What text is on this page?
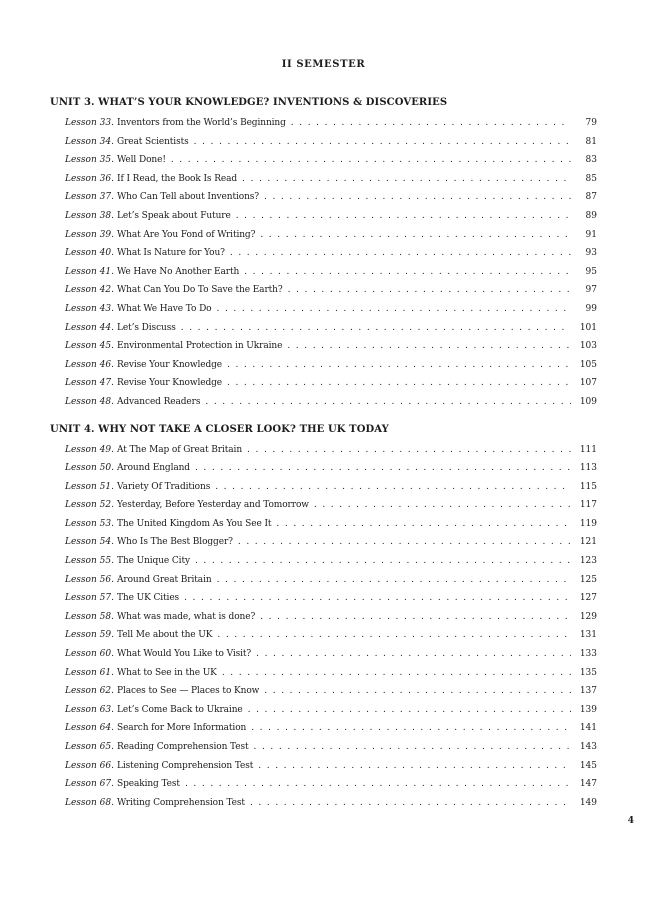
II SEMESTER
UNIT 3. WHAT’S YOUR KNOWLEDGE? INVENTIONS & DISCOVERIES
Lesson 33. Inventors from the World’s Beginning .....	79
Lesson 34. Great Scientists .....	81
Lesson 35. Well Done! .....	83
Lesson 36. If I Read, the Book Is Read .....	85
Lesson 37. Who Can Tell about Inventions? .....	87
Lesson 38. Let’s Speak about Future .....	89
Lesson 39. What Are You Fond of Writing? .....	91
Lesson 40. What Is Nature for You? .....	93
Lesson 41. We Have No Another Earth .....	95
Lesson 42. What Can You Do To Save the Earth? .....	97
Lesson 43. What We Have To Do .....	99
Lesson 44. Let’s Discuss .....	101
Lesson 45. Environmental Protection in Ukraine .....	103
Lesson 46. Revise Your Knowledge .....	105
Lesson 47. Revise Your Knowledge .....	107
Lesson 48. Advanced Readers .....	109
UNIT 4. WHY NOT TAKE A CLOSER LOOK? THE UK TODAY
Lesson 49. At The Map of Great Britain .....	111
Lesson 50. Around England .....	113
Lesson 51. Variety Of Traditions .....	115
Lesson 52. Yesterday, Before Yesterday and Tomorrow .....	117
Lesson 53. The United Kingdom As You See It .....	119
Lesson 54. Who Is The Best Blogger? .....	121
Lesson 55. The Unique City .....	123
Lesson 56. Around Great Britain .....	125
Lesson 57. The UK Cities .....	127
Lesson 58. What was made, what is done? .....	129
Lesson 59. Tell Me about the UK .....	131
Lesson 60. What Would You Like to Visit? .....	133
Lesson 61. What to See in the UK .....	135
Lesson 62. Places to See — Places to Know .....	137
Lesson 63. Let’s Come Back to Ukraine .....	139
Lesson 64. Search for More Information .....	141
Lesson 65. Reading Comprehension Test .....	143
Lesson 66. Listening Comprehension Test .....	145
Lesson 67. Speaking Test .....	147
Lesson 68. Writing Comprehension Test .....	149
4
